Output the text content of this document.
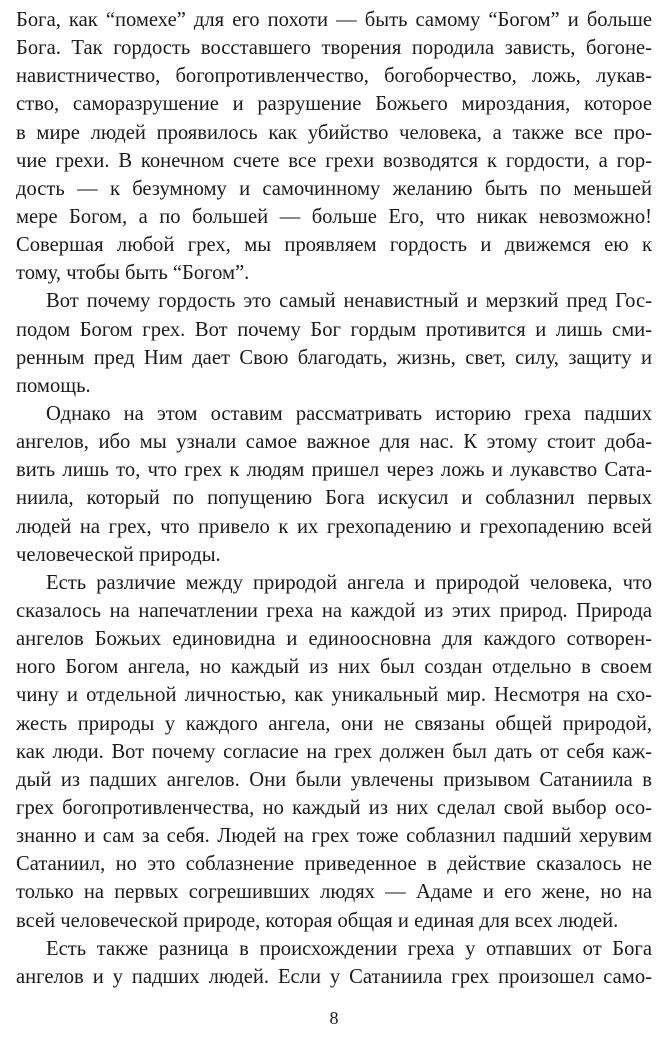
Бога, как “помехе” для его похоти — быть самому “Богом” и больше
Бога. Так гордость восставшего творения породила зависть, богоне-
навистничество, богопротивленчество, богоборчество, ложь, лукав-
ство, саморазрушение и разрушение Божьего мироздания, которое
в мире людей проявилось как убийство человека, а также все про-
чие грехи. В конечном счете все грехи возводятся к гордости, а гор-
дость — к безумному и самочинному желанию быть по меньшей
мере Богом, а по большей — больше Его, что никак невозможно!
Совершая любой грех, мы проявляем гордость и движемся ею к
тому, чтобы быть “Богом”.
Вот почему гордость это самый ненавистный и мерзкий пред Гос-
подом Богом грех. Вот почему Бог гордым противится и лишь сми-
ренным пред Ним дает Свою благодать, жизнь, свет, силу, защиту и
помощь.
Однако на этом оставим рассматривать историю греха падших
ангелов, ибо мы узнали самое важное для нас. К этому стоит доба-
вить лишь то, что грех к людям пришел через ложь и лукавство Сата-
ниила, который по попущению Бога искусил и соблазнил первых
людей на грех, что привело к их грехопадению и грехопадению всей
человеческой природы.
Есть различие между природой ангела и природой человека, что
сказалось на напечатлении греха на каждой из этих природ. Природа
ангелов Божьих единовидна и единоосновна для каждого сотворен-
ного Богом ангела, но каждый из них был создан отдельно в своем
чину и отдельной личностью, как уникальный мир. Несмотря на схо-
жесть природы у каждого ангела, они не связаны общей природой,
как люди. Вот почему согласие на грех должен был дать от себя каж-
дый из падших ангелов. Они были увлечены призывом Сатаниила в
грех богопротивленчества, но каждый из них сделал свой выбор осо-
знанно и сам за себя. Людей на грех тоже соблазнил падший херувим
Сатаниил, но это соблазнение приведенное в действие сказалось не
только на первых согрешивших людях — Адаме и его жене, но на
всей человеческой природе, которая общая и единая для всех людей.
Есть также разница в происхождении греха у отпавших от Бога
ангелов и у падших людей. Если у Сатаниила грех произошел само-
8
